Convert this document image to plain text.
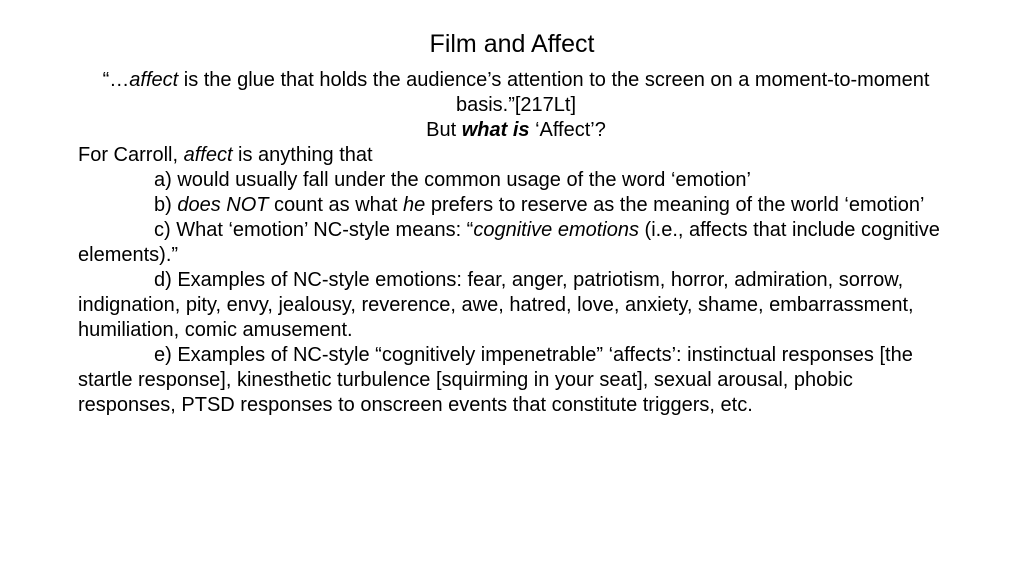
Film and Affect

“…affect is the glue that holds the audience’s attention to the screen on a moment-to-moment basis.”[217Lt]

But what is ‘Affect’?

For Carroll, affect is anything that

a) would usually fall under the common usage of the word ‘emotion’

b) does NOT count as what he prefers to reserve as the meaning of the world ‘emotion’

c) What ‘emotion’ NC-style means: “cognitive emotions (i.e., affects that include cognitive elements).”

d) Examples of NC-style emotions: fear, anger, patriotism, horror, admiration, sorrow, indignation, pity, envy, jealousy, reverence, awe, hatred, love, anxiety, shame, embarrassment, humiliation, comic amusement.

e) Examples of NC-style “cognitively impenetrable” ‘affects’: instinctual responses [the startle response], kinesthetic turbulence [squirming in your seat], sexual arousal, phobic responses, PTSD responses to onscreen events that constitute triggers, etc.
